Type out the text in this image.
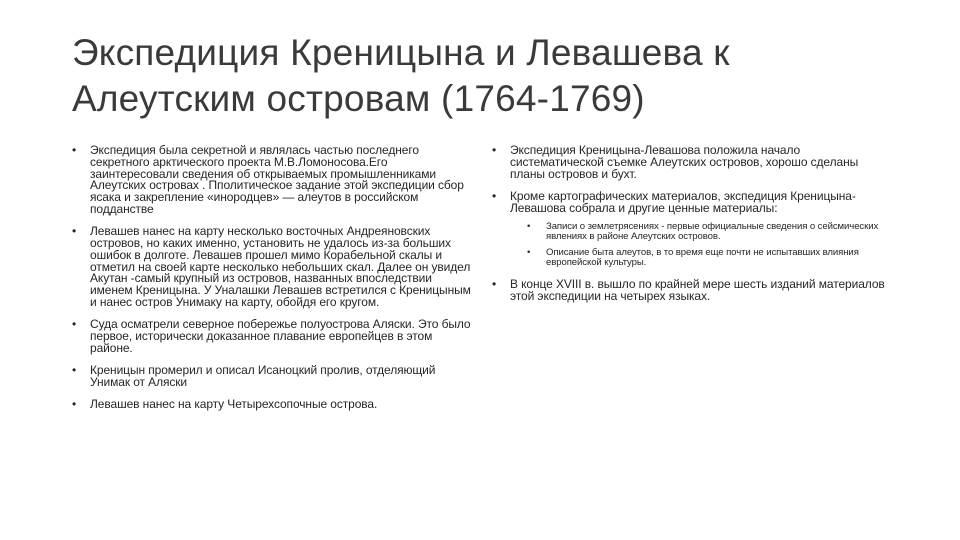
Экспедиция Креницына и Левашева к Алеутским островам (1764-1769)
• Экспедиция была секретной и являлась частью последнего секретного арктического проекта М.В.Ломоносова.Его заинтересовали сведения об открываемых промышленниками Алеутских островах . Пполитическое задание этой экспедиции сбор ясака и закрепление «инородцев» — алеутов в российском подданстве
• Левашев нанес на карту несколько восточных Андреяновских островов, но каких именно, установить не удалось из-за больших ошибок в долготе. Левашев прошел мимо Корабельной скалы и отметил на своей карте несколько небольших скал. Далее он увидел Акутан -самый крупный из островов, названных впоследствии именем Креницына. У Уналашки Левашев встретился с Креницыным и нанес остров Унимаку на карту, обойдя его кругом.
• Суда осматрели северное побережье полуострова Аляски. Это было первое, исторически доказанное плавание европейцев в этом районе.
• Креницын промерил и описал Исаноцкий пролив, отделяющий Унимак от Аляски
• Левашев нанес на карту Четырехсопочные острова.
• Экспедиция Креницына-Левашова положила начало систематической съемке Алеутских островов, хорошо сделаны планы островов и бухт.
• Кроме картографических материалов, экспедиция Креницына-Левашова собрала и другие ценные материалы:
• Записи о землетрясениях - первые официальные сведения о сейсмических явлениях в районе Алеутских островов.
• Описание быта алеутов, в то время еще почти не испытавших влияния европейской культуры.
• В конце XVIII в. вышло по крайней мере шесть изданий материалов этой экспедиции на четырех языках.
